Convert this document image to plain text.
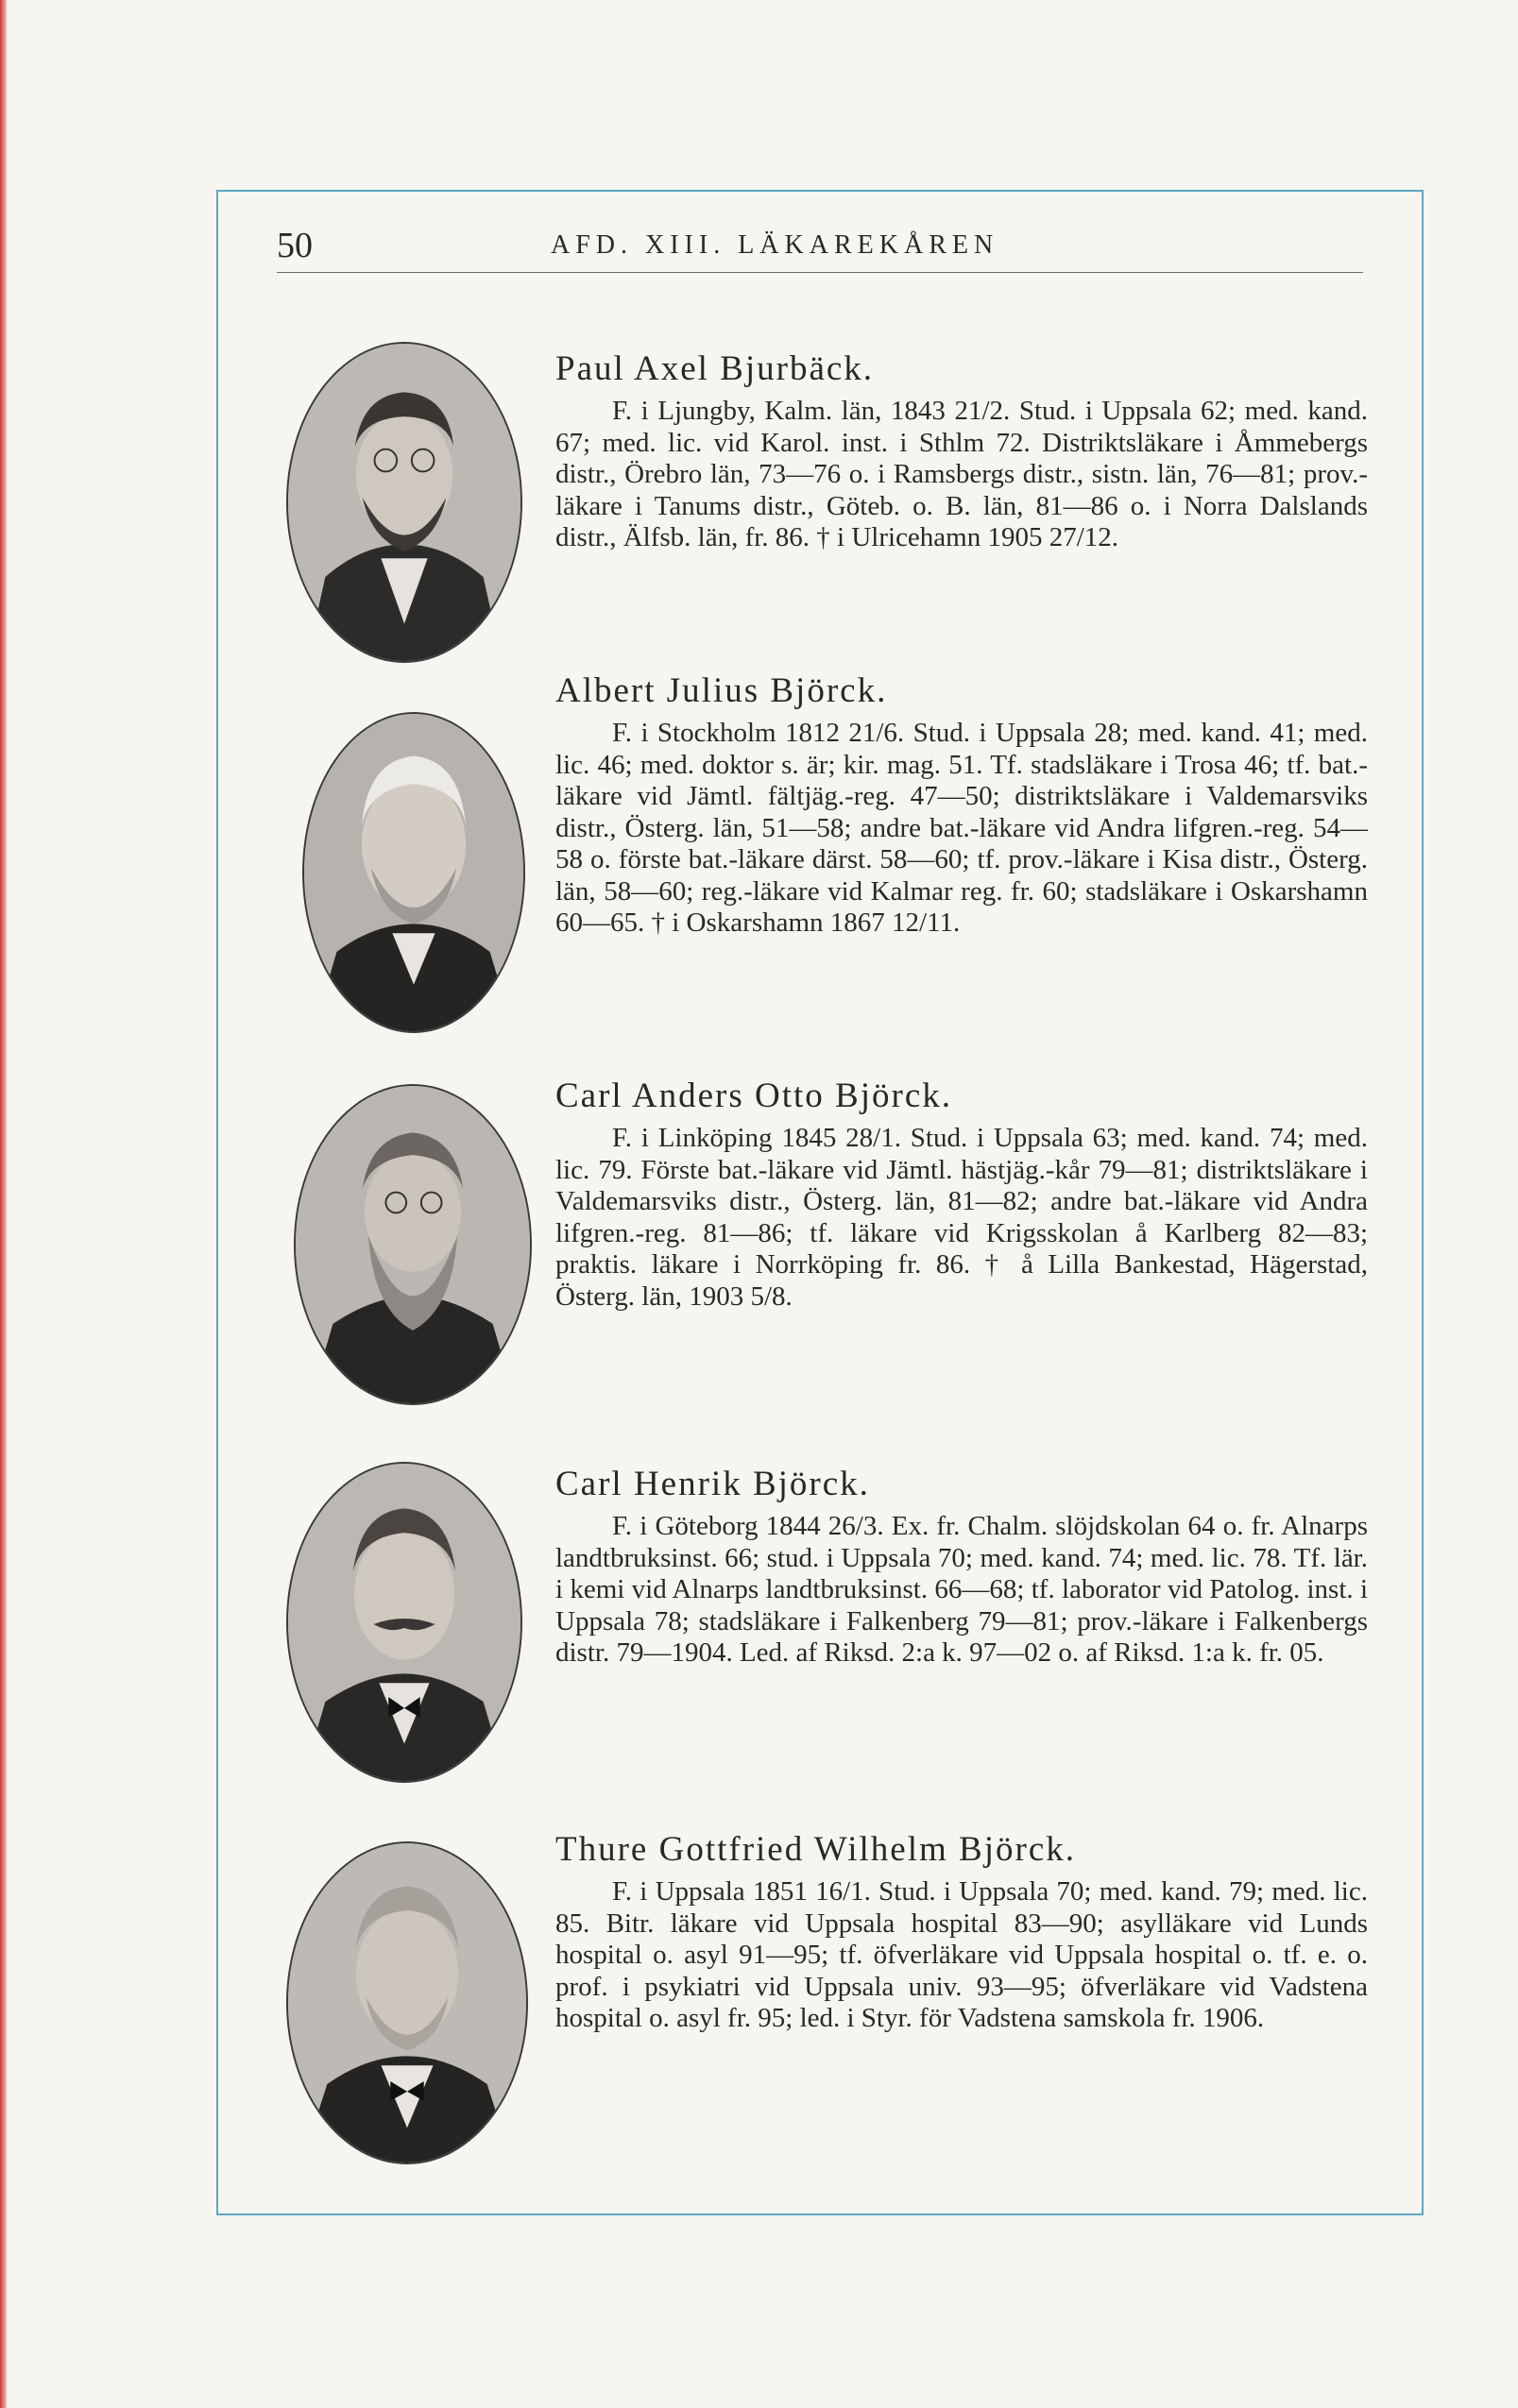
50	AFD. XIII. LÄKAREKÅREN

Paul Axel Bjurbäck.

F. i Ljungby, Kalm. län, 1843 21/2. Stud. i Uppsala 62; med. kand. 67; med. lic. vid Karol. inst. i Sthlm 72. Distriktsläkare i Åmmebergs distr., Örebro län, 73—76 o. i Ramsbergs distr., sistn. län, 76—81; prov.-läkare i Tanums distr., Göteb. o. B. län, 81—86 o. i Norra Dalslands distr., Älfsb. län, fr. 86. † i Ulricehamn 1905 27/12.

Albert Julius Björck.

F. i Stockholm 1812 21/6. Stud. i Uppsala 28; med. kand. 41; med. lic. 46; med. doktor s. är; kir. mag. 51. Tf. stadsläkare i Trosa 46; tf. bat.-läkare vid Jämtl. fältjäg.-reg. 47—50; distriktsläkare i Valdemarsviks distr., Österg. län, 51—58; andre bat.-läkare vid Andra lifgren.-reg. 54—58 o. förste bat.-läkare därst. 58—60; tf. prov.-läkare i Kisa distr., Österg. län, 58—60; reg.-läkare vid Kalmar reg. fr. 60; stadsläkare i Oskarshamn 60—65. † i Oskarshamn 1867 12/11.

Carl Anders Otto Björck.

F. i Linköping 1845 28/1. Stud. i Uppsala 63; med. kand. 74; med. lic. 79. Förste bat.-läkare vid Jämtl. hästjäg.-kår 79—81; distriktsläkare i Valdemarsviks distr., Österg. län, 81—82; andre bat.-läkare vid Andra lifgren.-reg. 81—86; tf. läkare vid Krigsskolan å Karlberg 82—83; praktis. läkare i Norrköping fr. 86. † å Lilla Bankestad, Hägerstad, Österg. län, 1903 5/8.

Carl Henrik Björck.

F. i Göteborg 1844 26/3. Ex. fr. Chalm. slöjdskolan 64 o. fr. Alnarps landtbruksinst. 66; stud. i Uppsala 70; med. kand. 74; med. lic. 78. Tf. lär. i kemi vid Alnarps landtbruksinst. 66—68; tf. laborator vid Patolog. inst. i Uppsala 78; stadsläkare i Falkenberg 79—81; prov.-läkare i Falkenbergs distr. 79—1904. Led. af Riksd. 2:a k. 97—02 o. af Riksd. 1:a k. fr. 05.

Thure Gottfried Wilhelm Björck.

F. i Uppsala 1851 16/1. Stud. i Uppsala 70; med. kand. 79; med. lic. 85. Bitr. läkare vid Uppsala hospital 83—90; asylläkare vid Lunds hospital o. asyl 91—95; tf. öfverläkare vid Uppsala hospital o. tf. e. o. prof. i psykiatri vid Uppsala univ. 93—95; öfverläkare vid Vadstena hospital o. asyl fr. 95; led. i Styr. för Vadstena samskola fr. 1906.
